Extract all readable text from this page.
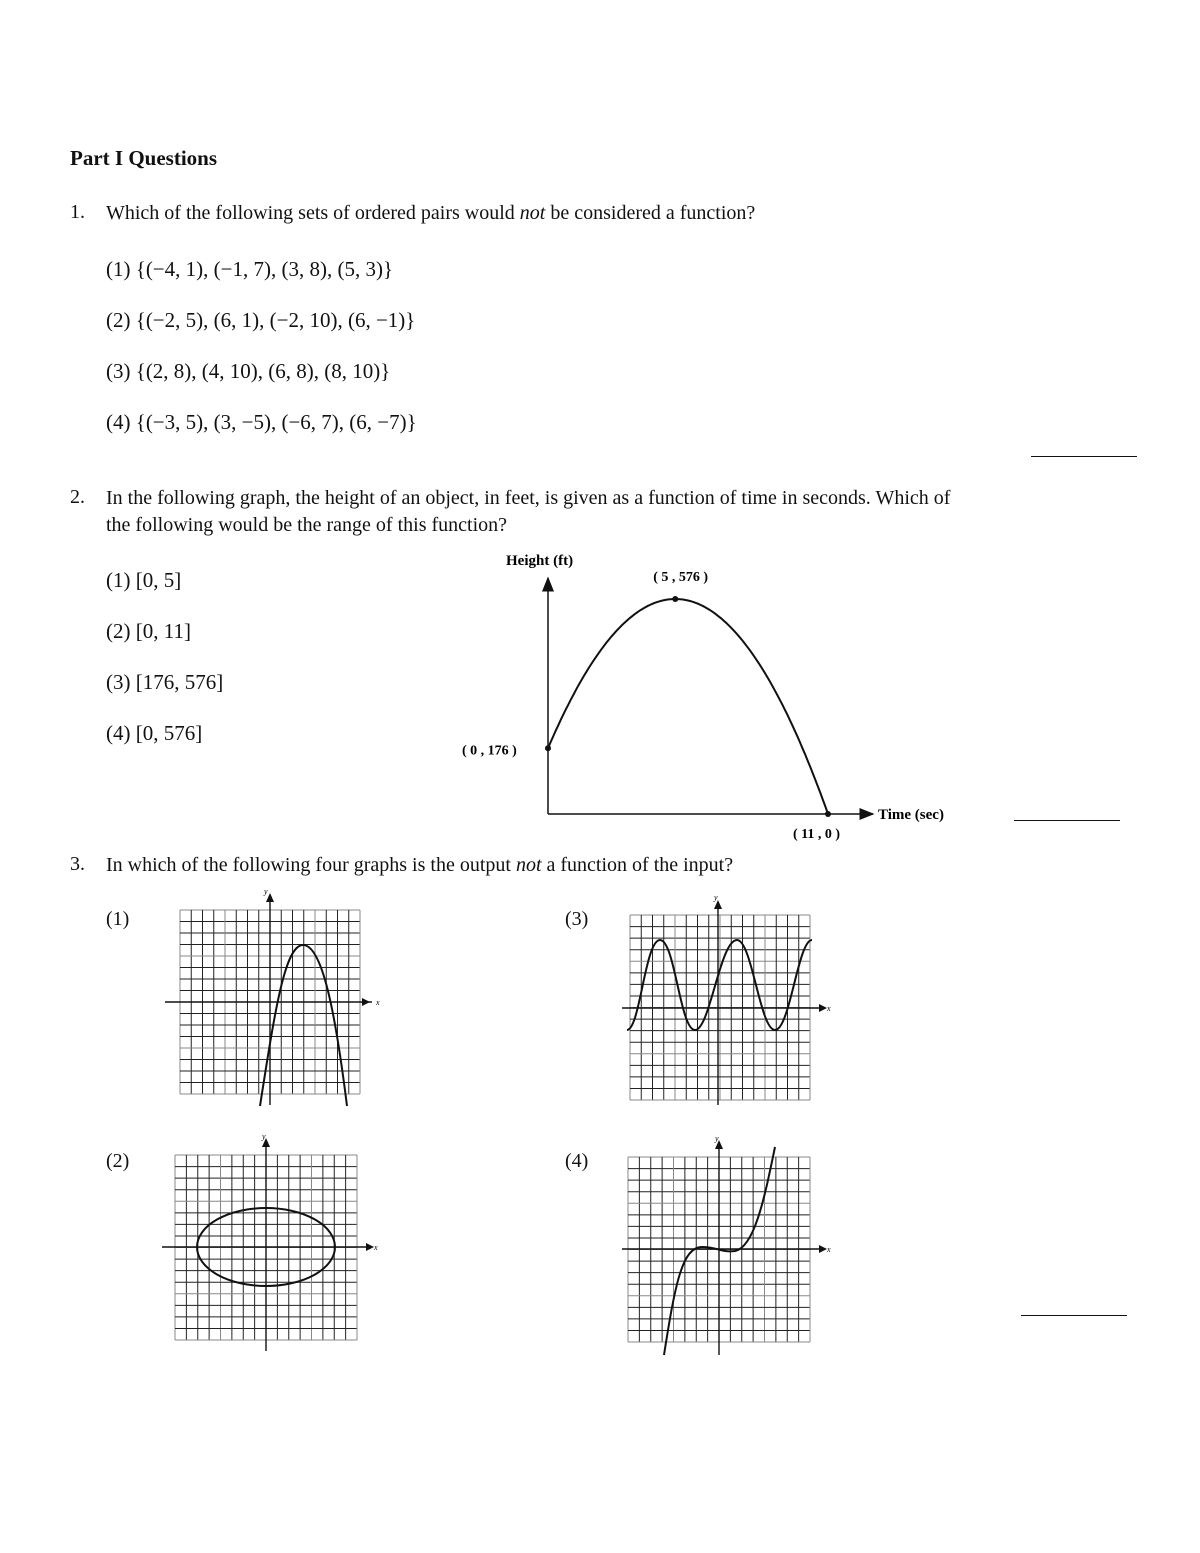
Part I Questions
1. Which of the following sets of ordered pairs would not be considered a function?
(1) {(−4, 1), (−1, 7), (3, 8), (5, 3)}
(2) {(−2, 5), (6, 1), (−2, 10), (6, −1)}
(3) {(2, 8), (4, 10), (6, 8), (8, 10)}
(4) {(−3, 5), (3, −5), (−6, 7), (6, −7)}
2. In the following graph, the height of an object, in feet, is given as a function of time in seconds. Which of
the following would be the range of this function?
(1) [0, 5]
(2) [0, 11]
(3) [176, 576]
(4) [0, 576]
( 0 , 176 )
( 5 , 576 )
( 11 , 0 )
Height (ft)
Time (sec)
3. In which of the following four graphs is the output not a function of the input?
(1)	(3)
(2)	(4)
x
y
x
y
x
y
x
y
